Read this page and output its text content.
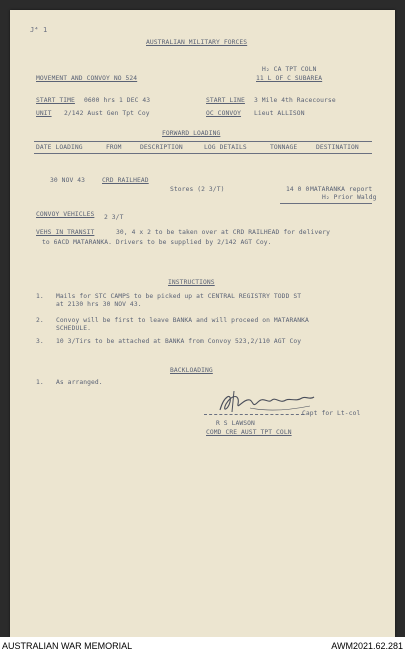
J⁴ 1
AUSTRALIAN MILITARY FORCES
H₂ CA TPT COLN
MOVEMENT AND CONVOY NO 524	11 L OF C SUBAREA
START TIME 0600 hrs 1 DEC 43	START LINE 3 Mile 4th Racecourse
UNIT 2/142 Aust Gen Tpt Coy	OC CONVOY Lieut ALLISON
FORWARD LOADING
DATE LOADING	FROM	DESCRIPTION	LOG DETAILS	TONNAGE	DESTINATION
30 NOV 43	CRD RAILHEAD
Stores (2 3/T)	14 0 0 MATARANKA report
H₂ Prior Waldg
CONVOY VEHICLES 2 3/T
VEHS IN TRANSIT	30, 4 x 2 to be taken over at CRD RAILHEAD for delivery
to 6ACD MATARANKA. Drivers to be supplied by 2/142 AGT Coy.
INSTRUCTIONS
1. Mails for STC CAMPS to be picked up at CENTRAL REGISTRY TODD ST
at 2130 hrs 30 NOV 43.
2. Convoy will be first to leave BANKA and will proceed on MATARANKA
SCHEDULE.
3. 10 3/Tirs to be attached at BANKA from Convoy 523,2/110 AGT Coy
BACKLOADING
1. As arranged.
Capt for Lt-col
R S LAWSON
COMD CRE AUST TPT COLN
AUSTRALIAN WAR MEMORIAL	AWM2021.62.281
